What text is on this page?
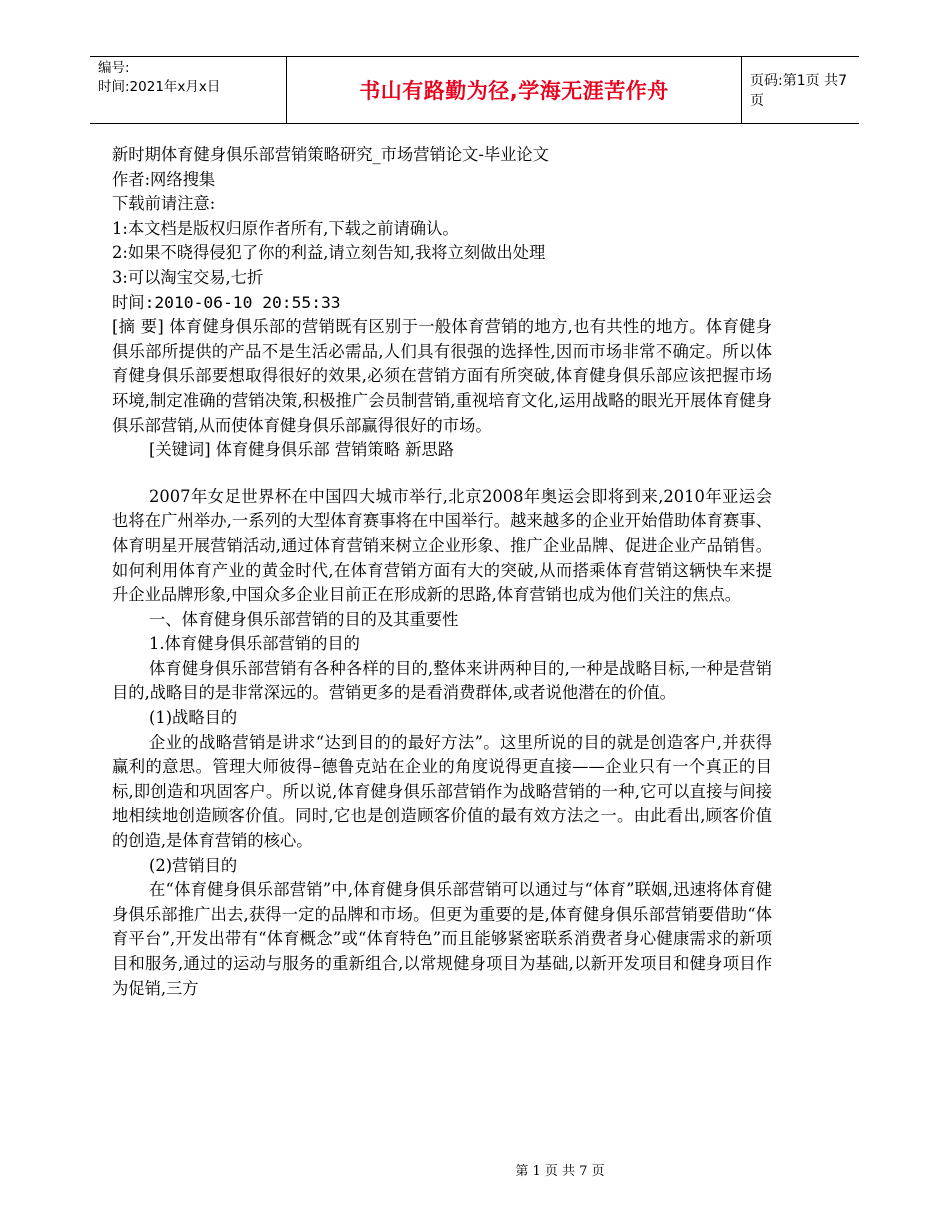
编号:
时间:2021年x月x日	书山有路勤为径,学海无涯苦作舟	页码:第1页 共7页

新时期体育健身俱乐部营销策略研究_市场营销论文-毕业论文

作者:网络搜集

下载前请注意:

1:本文档是版权归原作者所有,下载之前请确认。

2:如果不晓得侵犯了你的利益,请立刻告知,我将立刻做出处理

3:可以淘宝交易,七折

时间:2010-06-10 20:55:33

[摘 要] 体育健身俱乐部的营销既有区别于一般体育营销的地方,也有共性的地方。体育健身俱乐部所提供的产品不是生活必需品,人们具有很强的选择性,因而市场非常不确定。所以体育健身俱乐部要想取得很好的效果,必须在营销方面有所突破,体育健身俱乐部应该把握市场环境,制定准确的营销决策,积极推广会员制营销,重视培育文化,运用战略的眼光开展体育健身俱乐部营销,从而使体育健身俱乐部赢得很好的市场。

[关键词] 体育健身俱乐部 营销策略 新思路

2007年女足世界杯在中国四大城市举行,北京2008年奥运会即将到来,2010年亚运会也将在广州举办,一系列的大型体育赛事将在中国举行。越来越多的企业开始借助体育赛事、体育明星开展营销活动,通过体育营销来树立企业形象、推广企业品牌、促进企业产品销售。如何利用体育产业的黄金时代,在体育营销方面有大的突破,从而搭乘体育营销这辆快车来提升企业品牌形象,中国众多企业目前正在形成新的思路,体育营销也成为他们关注的焦点。

一、体育健身俱乐部营销的目的及其重要性

1.体育健身俱乐部营销的目的

体育健身俱乐部营销有各种各样的目的,整体来讲两种目的,一种是战略目标,一种是营销目的,战略目的是非常深远的。营销更多的是看消费群体,或者说他潜在的价值。

(1)战略目的

企业的战略营销是讲求“达到目的的最好方法”。这里所说的目的就是创造客户,并获得赢利的意思。管理大师彼得–德鲁克站在企业的角度说得更直接——企业只有一个真正的目标,即创造和巩固客户。所以说,体育健身俱乐部营销作为战略营销的一种,它可以直接与间接地相续地创造顾客价值。同时,它也是创造顾客价值的最有效方法之一。由此看出,顾客价值的创造,是体育营销的核心。

(2)营销目的

在“体育健身俱乐部营销”中,体育健身俱乐部营销可以通过与“体育”联姻,迅速将体育健身俱乐部推广出去,获得一定的品牌和市场。但更为重要的是,体育健身俱乐部营销要借助“体育平台”,开发出带有“体育概念”或“体育特色”而且能够紧密联系消费者身心健康需求的新项目和服务,通过的运动与服务的重新组合,以常规健身项目为基础,以新开发项目和健身项目作为促销,三方

第 1 页 共 7 页
